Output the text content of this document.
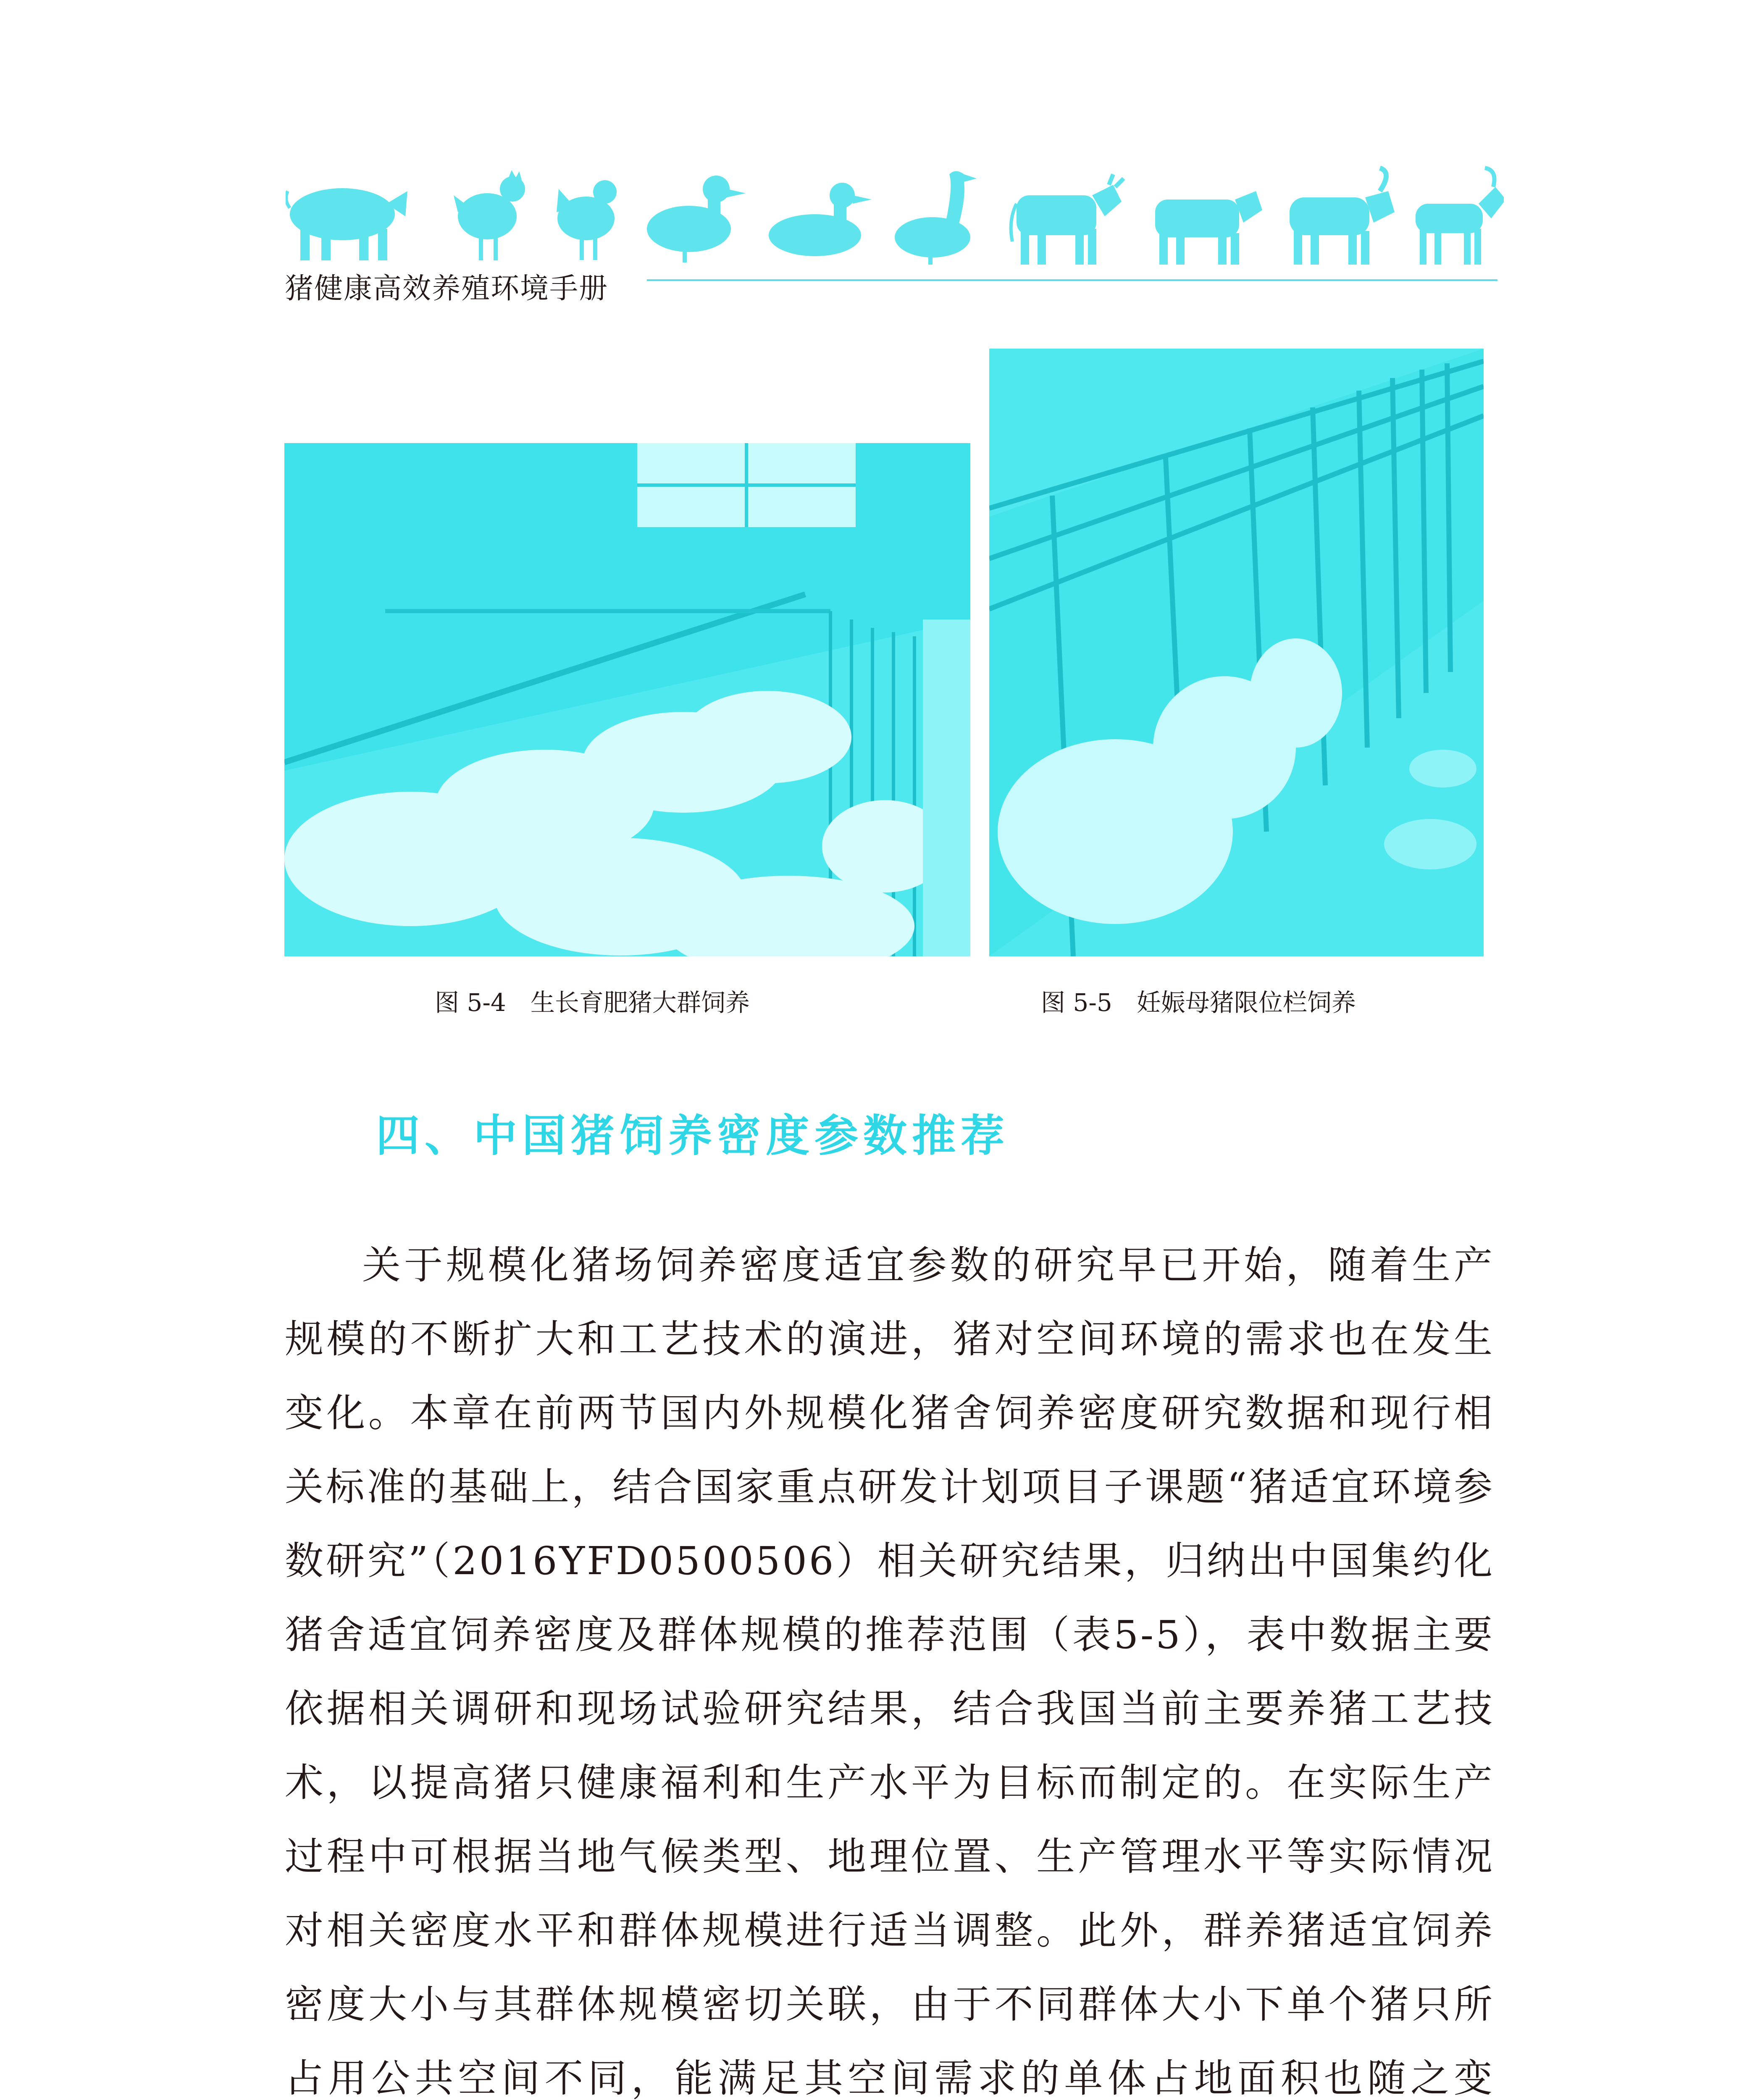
猪健康高效养殖环境手册
图 5-4　生长育肥猪大群饲养	图 5-5　妊娠母猪限位栏饲养
四、中国猪饲养密度参数推荐

关于规模化猪场饲养密度适宜参数的研究早已开始，随着生产规模的不断扩大和工艺技术的演进，猪对空间环境的需求也在发生变化。本章在前两节国内外规模化猪舍饲养密度研究数据和现行相关标准的基础上，结合国家重点研发计划项目子课题“猪适宜环境参数研究”（2016YFD0500506）相关研究结果，归纳出中国集约化猪舍适宜饲养密度及群体规模的推荐范围（表5-5），表中数据主要依据相关调研和现场试验研究结果，结合我国当前主要养猪工艺技术，以提高猪只健康福利和生产水平为目标而制定的。在实际生产过程中可根据当地气候类型、地理位置、生产管理水平等实际情况对相关密度水平和群体规模进行适当调整。此外，群养猪适宜饲养密度大小与其群体规模密切关联，由于不同群体大小下单个猪只所占用公共空间不同，能满足其空间需求的单体占地面积也随之变
